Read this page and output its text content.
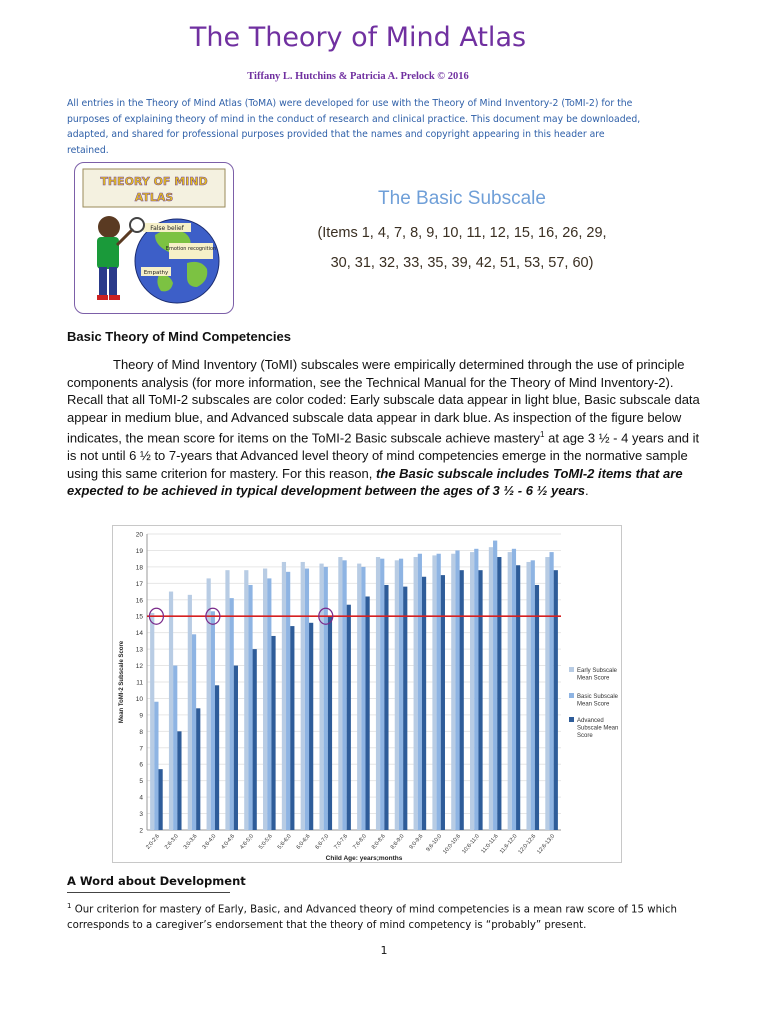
The Theory of Mind Atlas
Tiffany L. Hutchins & Patricia A. Prelock © 2016
All entries in the Theory of Mind Atlas (ToMA) were developed for use with the Theory of Mind Inventory-2 (ToMI-2) for the
purposes of explaining theory of mind in the conduct of research and clinical practice. This document may be downloaded,
adapted, and shared for professional purposes provided that the names and copyright appearing in this header are retained.
THEORY OF MIND
ATLAS
False belief
Emotion recognition
Empathy
The Basic Subscale
(Items 1, 4, 7, 8, 9, 10, 11, 12, 15, 16, 26, 29,
30, 31, 32, 33, 35, 39, 42, 51, 53, 57, 60)
Basic Theory of Mind Competencies
Theory of Mind Inventory (ToMI) subscales were empirically determined through the use of principle components analysis (for more information, see the Technical Manual for the Theory of Mind Inventory-2). Recall that all ToMI-2 subscales are color coded: Early subscale data appear in light blue, Basic subscale data appear in medium blue, and Advanced subscale data appear in dark blue. As inspection of the figure below indicates, the mean score for items on the ToMI-2 Basic subscale achieve mastery$^1$ at age 3 ½ - 4 years and it is not until 6 ½ to 7-years that Advanced level theory of mind competencies emerge in the normative sample using this same criterion for mastery. For this reason, the Basic subscale includes ToMI-2 items that are expected to be achieved in typical development between the ages of 3 ½ - 6 ½ years.
2
3
4
5
6
7
8
9
10
11
12
13
14
15
16
17
18
19
20
2;0-2;6 2;6-3;0 3;0-3;6 3;6-4;0 4;0-4;6 4;6-5;0 5;0-5;6 5;6-6;0 6;0-6;6 6;6-7;0 7;0-7;6 7;6-8;0 8;0-8;6 8;6-9;0 9;0-9;6 9;6-10;0 10;0-10;6 10;6-11;0 11;0-11;6 11;6-12;0 12;0-12;6 12;6-13;0
Child Age: years;months
Mean ToMI-2 Subscale Score	Early Subscale Mean Score
Basic Subscale Mean Score
Advanced Subscale Mean Score
A Word about Development
$^1$ Our criterion for mastery of Early, Basic, and Advanced theory of mind competencies is a mean raw score of 15 which corresponds to a caregiver’s endorsement that the theory of mind competency is “probably” present.
1
